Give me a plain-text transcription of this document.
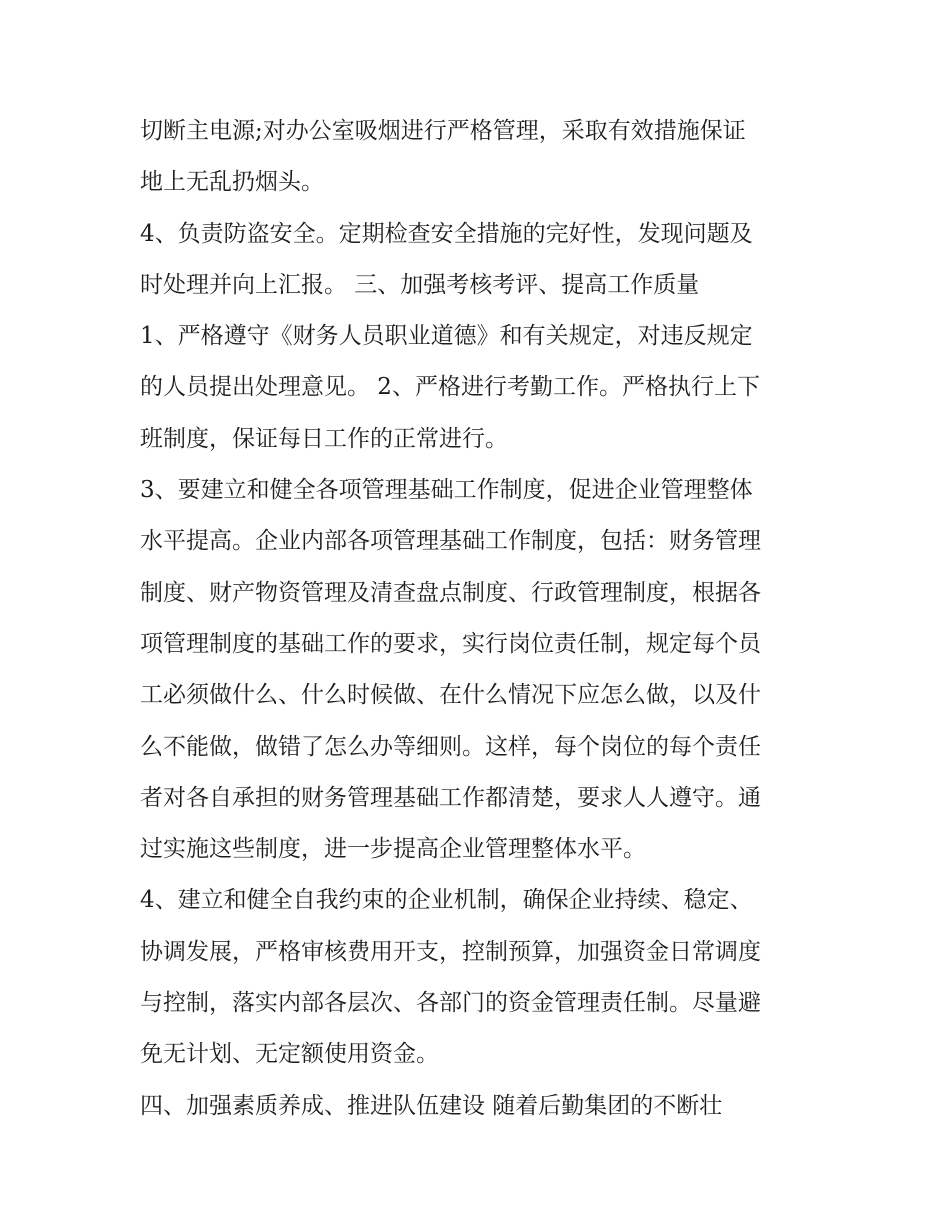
切断主电源;对办公室吸烟进行严格管理，采取有效措施保证
地上无乱扔烟头。
4、负责防盗安全。定期检查安全措施的完好性，发现问题及
时处理并向上汇报。 三、加强考核考评、提高工作质量
1、严格遵守《财务人员职业道德》和有关规定，对违反规定
的人员提出处理意见。 2、严格进行考勤工作。严格执行上下
班制度，保证每日工作的正常进行。
3、要建立和健全各项管理基础工作制度，促进企业管理整体
水平提高。企业内部各项管理基础工作制度，包括：财务管理
制度、财产物资管理及清查盘点制度、行政管理制度，根据各
项管理制度的基础工作的要求，实行岗位责任制，规定每个员
工必须做什么、什么时候做、在什么情况下应怎么做，以及什
么不能做，做错了怎么办等细则。这样，每个岗位的每个责任
者对各自承担的财务管理基础工作都清楚，要求人人遵守。通
过实施这些制度，进一步提高企业管理整体水平。
4、建立和健全自我约束的企业机制，确保企业持续、稳定、
协调发展，严格审核费用开支，控制预算，加强资金日常调度
与控制，落实内部各层次、各部门的资金管理责任制。尽量避
免无计划、无定额使用资金。
四、加强素质养成、推进队伍建设 随着后勤集团的不断壮
